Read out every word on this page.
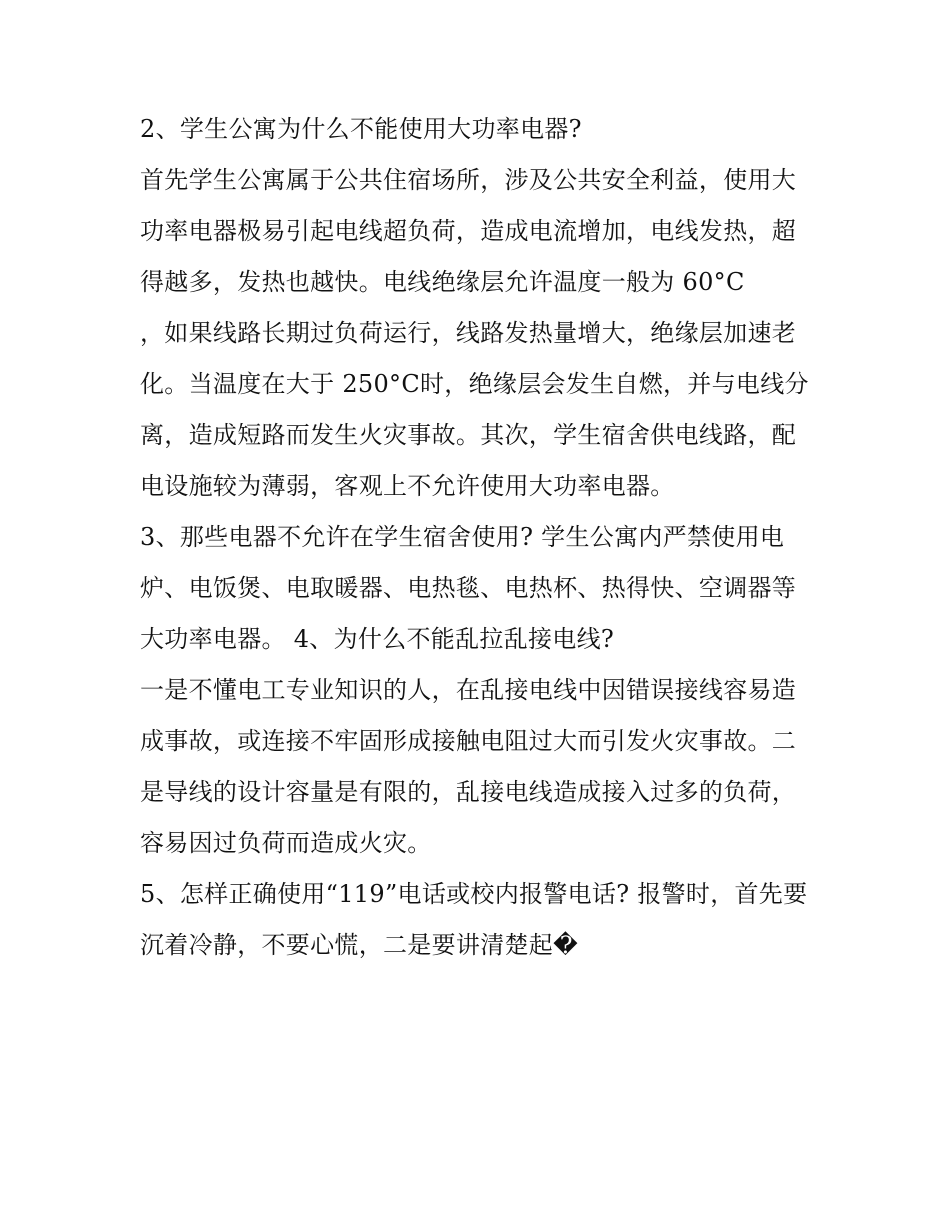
2、学生公寓为什么不能使用大功率电器?
首先学生公寓属于公共住宿场所，涉及公共安全利益，使用大
功率电器极易引起电线超负荷，造成电流增加，电线发热，超
得越多，发热也越快。电线绝缘层允许温度一般为 60°C
，如果线路长期过负荷运行，线路发热量增大，绝缘层加速老
化。当温度在大于 250°C时，绝缘层会发生自燃，并与电线分
离，造成短路而发生火灾事故。其次，学生宿舍供电线路，配
电设施较为薄弱，客观上不允许使用大功率电器。
3、那些电器不允许在学生宿舍使用? 学生公寓内严禁使用电
炉、电饭煲、电取暖器、电热毯、电热杯、热得快、空调器等
大功率电器。 4、为什么不能乱拉乱接电线?
一是不懂电工专业知识的人，在乱接电线中因错误接线容易造
成事故，或连接不牢固形成接触电阻过大而引发火灾事故。二
是导线的设计容量是有限的，乱接电线造成接入过多的负荷，
容易因过负荷而造成火灾。
5、怎样正确使用“119”电话或校内报警电话? 报警时，首先要
沉着冷静，不要心慌，二是要讲清楚起�
